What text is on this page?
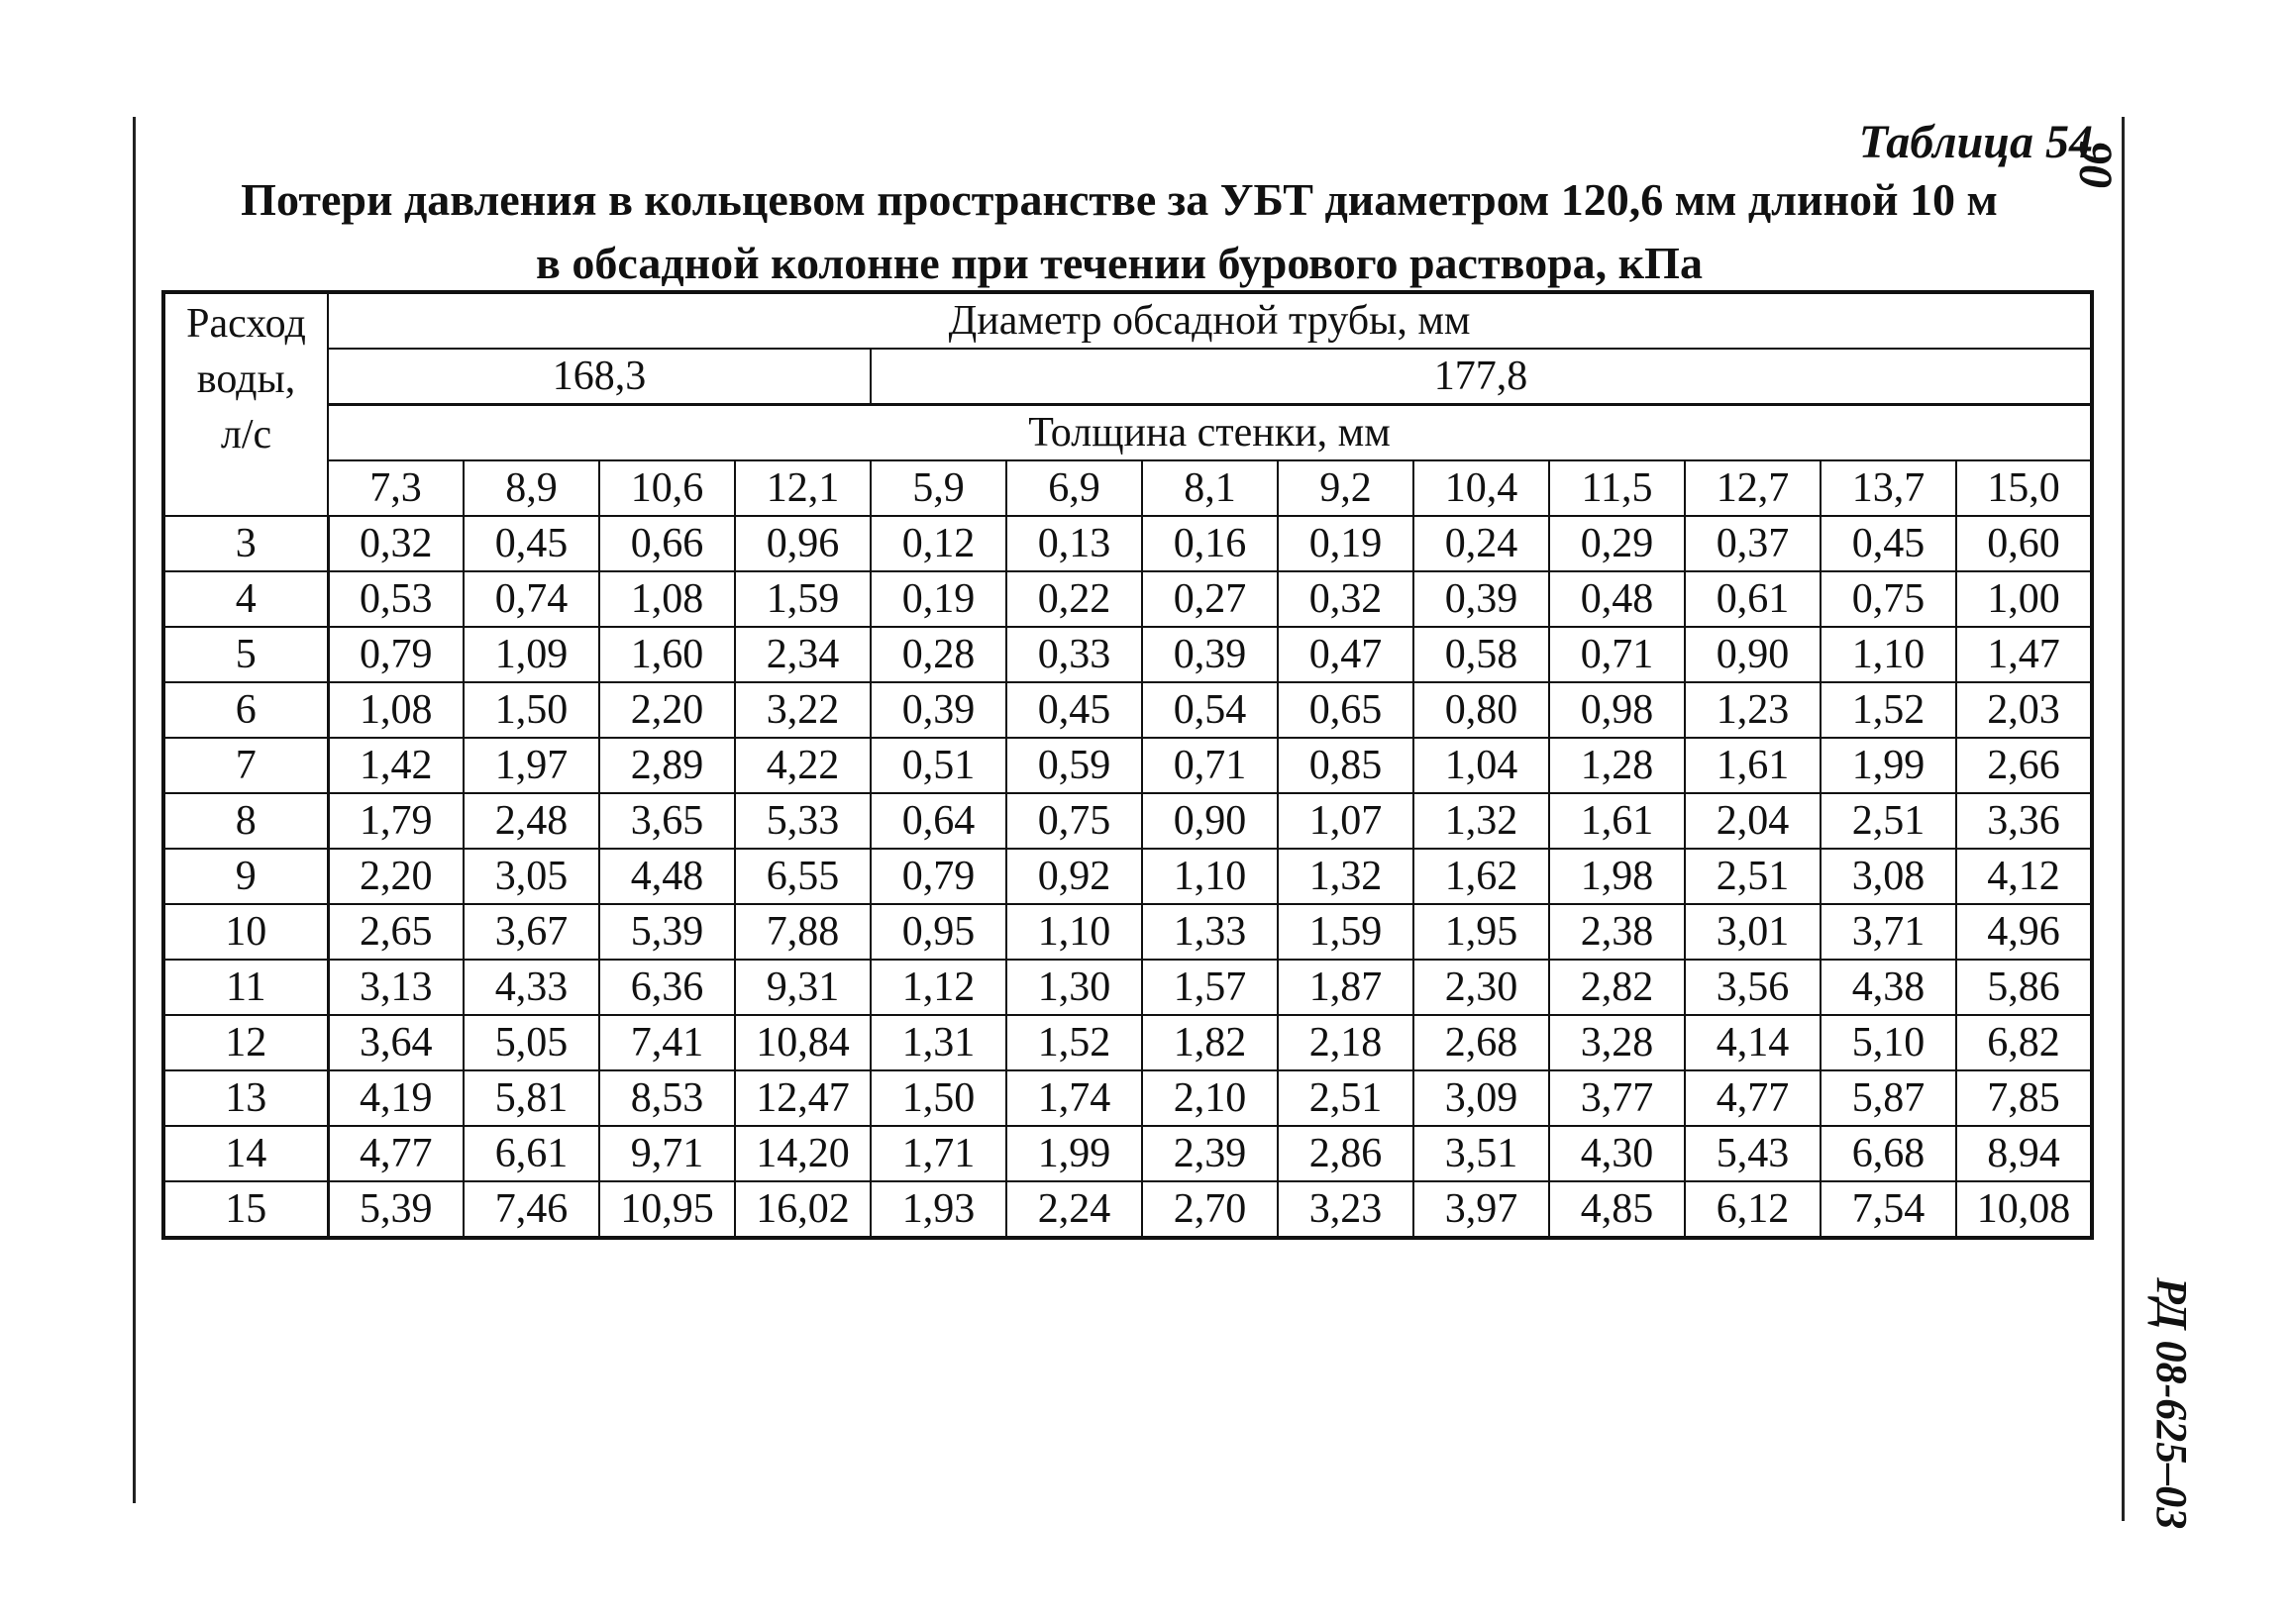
90
РД 08-625–03
Таблица 54
Потери давления в кольцевом пространстве за УБТ диаметром 120,6 мм длиной 10 м
в обсадной колонне при течении бурового раствора, кПа
Расход
воды,
л/с	Диаметр обсадной трубы, мм												
	168,3				177,8								
	Толщина стенки, мм												
	7,3	8,9	10,6	12,1	5,9	6,9	8,1	9,2	10,4	11,5	12,7	13,7	15,0
3	0,32	0,45	0,66	0,96	0,12	0,13	0,16	0,19	0,24	0,29	0,37	0,45	0,60
4	0,53	0,74	1,08	1,59	0,19	0,22	0,27	0,32	0,39	0,48	0,61	0,75	1,00
5	0,79	1,09	1,60	2,34	0,28	0,33	0,39	0,47	0,58	0,71	0,90	1,10	1,47
6	1,08	1,50	2,20	3,22	0,39	0,45	0,54	0,65	0,80	0,98	1,23	1,52	2,03
7	1,42	1,97	2,89	4,22	0,51	0,59	0,71	0,85	1,04	1,28	1,61	1,99	2,66
8	1,79	2,48	3,65	5,33	0,64	0,75	0,90	1,07	1,32	1,61	2,04	2,51	3,36
9	2,20	3,05	4,48	6,55	0,79	0,92	1,10	1,32	1,62	1,98	2,51	3,08	4,12
10	2,65	3,67	5,39	7,88	0,95	1,10	1,33	1,59	1,95	2,38	3,01	3,71	4,96
11	3,13	4,33	6,36	9,31	1,12	1,30	1,57	1,87	2,30	2,82	3,56	4,38	5,86
12	3,64	5,05	7,41	10,84	1,31	1,52	1,82	2,18	2,68	3,28	4,14	5,10	6,82
13	4,19	5,81	8,53	12,47	1,50	1,74	2,10	2,51	3,09	3,77	4,77	5,87	7,85
14	4,77	6,61	9,71	14,20	1,71	1,99	2,39	2,86	3,51	4,30	5,43	6,68	8,94
15	5,39	7,46	10,95	16,02	1,93	2,24	2,70	3,23	3,97	4,85	6,12	7,54	10,08
